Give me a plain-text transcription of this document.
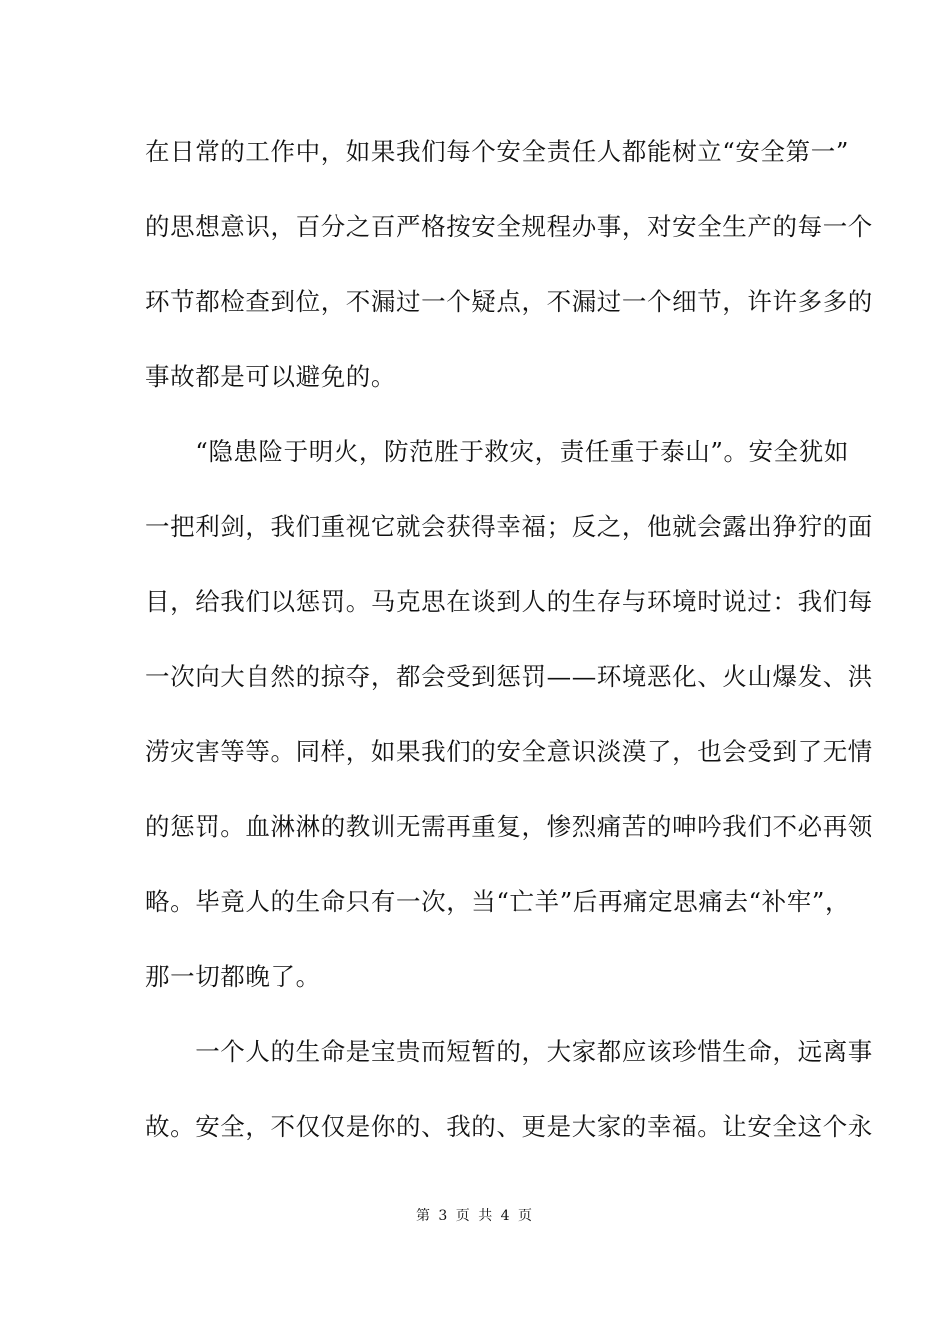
在日常的工作中，如果我们每个安全责任人都能树立“安全第一”
的思想意识，百分之百严格按安全规程办事，对安全生产的每一个
环节都检查到位，不漏过一个疑点，不漏过一个细节，许许多多的
事故都是可以避免的。
　　“隐患险于明火，防范胜于救灾，责任重于泰山”。安全犹如
一把利剑，我们重视它就会获得幸福；反之，他就会露出狰狞的面
目，给我们以惩罚。马克思在谈到人的生存与环境时说过：我们每
一次向大自然的掠夺，都会受到惩罚——环境恶化、火山爆发、洪
涝灾害等等。同样，如果我们的安全意识淡漠了，也会受到了无情
的惩罚。血淋淋的教训无需再重复，惨烈痛苦的呻吟我们不必再领
略。毕竟人的生命只有一次，当“亡羊”后再痛定思痛去“补牢”，
那一切都晚了。
　　一个人的生命是宝贵而短暂的，大家都应该珍惜生命，远离事
故。安全，不仅仅是你的、我的、更是大家的幸福。让安全这个永
第 3 页 共 4 页
